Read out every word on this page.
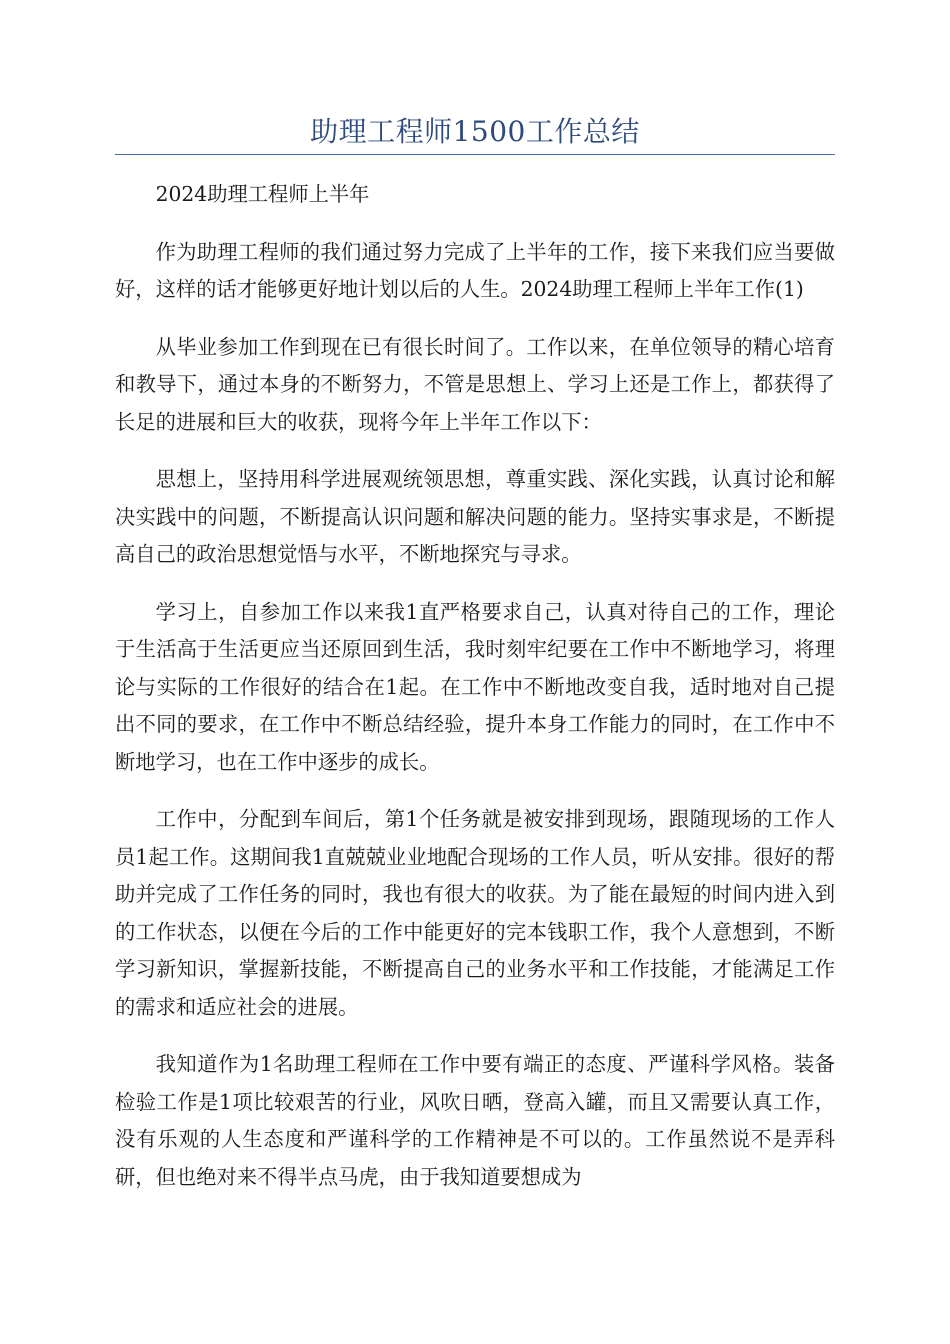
助理工程师1500工作总结

2024助理工程师上半年

作为助理工程师的我们通过努力完成了上半年的工作，接下来我们应当要做好，这样的话才能够更好地计划以后的人生。2024助理工程师上半年工作(1)

从毕业参加工作到现在已有很长时间了。工作以来，在单位领导的精心培育和教导下，通过本身的不断努力，不管是思想上、学习上还是工作上，都获得了长足的进展和巨大的收获，现将今年上半年工作以下：

思想上，坚持用科学进展观统领思想，尊重实践、深化实践，认真讨论和解决实践中的问题，不断提高认识问题和解决问题的能力。坚持实事求是，不断提高自己的政治思想觉悟与水平，不断地探究与寻求。

学习上，自参加工作以来我1直严格要求自己，认真对待自己的工作，理论于生活高于生活更应当还原回到生活，我时刻牢纪要在工作中不断地学习，将理论与实际的工作很好的结合在1起。在工作中不断地改变自我，适时地对自己提出不同的要求，在工作中不断总结经验，提升本身工作能力的同时，在工作中不断地学习，也在工作中逐步的成长。

工作中，分配到车间后，第1个任务就是被安排到现场，跟随现场的工作人员1起工作。这期间我1直兢兢业业地配合现场的工作人员，听从安排。很好的帮助并完成了工作任务的同时，我也有很大的收获。为了能在最短的时间内进入到的工作状态，以便在今后的工作中能更好的完本钱职工作，我个人意想到，不断学习新知识，掌握新技能，不断提高自己的业务水平和工作技能，才能满足工作的需求和适应社会的进展。

我知道作为1名助理工程师在工作中要有端正的态度、严谨科学风格。装备检验工作是1项比较艰苦的行业，风吹日晒，登高入罐，而且又需要认真工作，没有乐观的人生态度和严谨科学的工作精神是不可以的。工作虽然说不是弄科研，但也绝对来不得半点马虎，由于我知道要想成为
